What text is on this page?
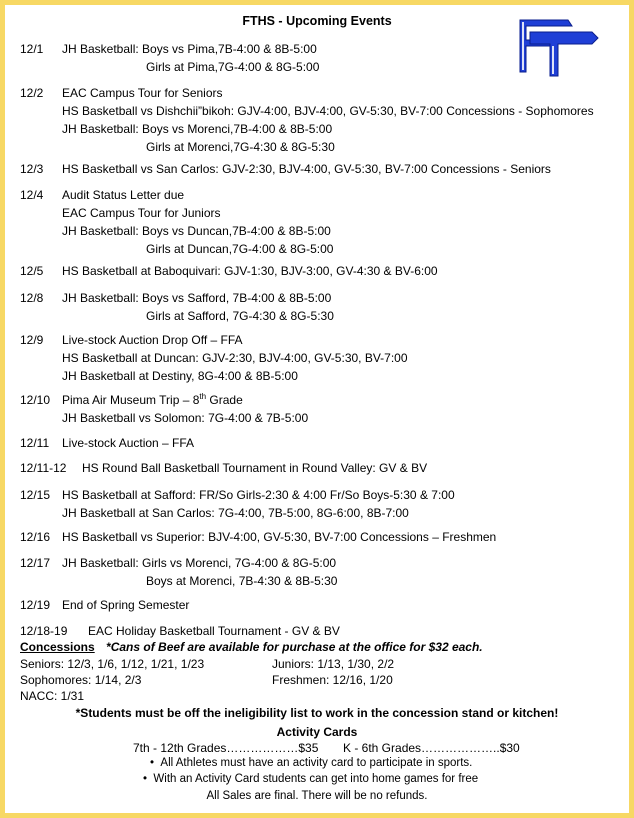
FTHS - Upcoming Events
12/1 JH Basketball: Boys vs Pima,7B-4:00 & 8B-5:00
Girls at Pima,7G-4:00 & 8G-5:00
12/2 EAC Campus Tour for Seniors
HS Basketball vs Dishchii”bikoh: GJV-4:00, BJV-4:00, GV-5:30, BV-7:00 Concessions - Sophomores
JH Basketball: Boys vs Morenci,7B-4:00 & 8B-5:00
Girls at Morenci,7G-4:30 & 8G-5:30
12/3 HS Basketball vs San Carlos: GJV-2:30, BJV-4:00, GV-5:30, BV-7:00 Concessions - Seniors
12/4 Audit Status Letter due
EAC Campus Tour for Juniors
JH Basketball: Boys vs Duncan,7B-4:00 & 8B-5:00
Girls at Duncan,7G-4:00 & 8G-5:00
12/5 HS Basketball at Baboquivari: GJV-1:30, BJV-3:00, GV-4:30 & BV-6:00
12/8 JH Basketball: Boys vs Safford, 7B-4:00 & 8B-5:00
Girls at Safford, 7G-4:30 & 8G-5:30
12/9 Live-stock Auction Drop Off – FFA
HS Basketball at Duncan: GJV-2:30, BJV-4:00, GV-5:30, BV-7:00
JH Basketball at Destiny, 8G-4:00 & 8B-5:00
12/10 Pima Air Museum Trip – 8th Grade
JH Basketball vs Solomon: 7G-4:00 & 7B-5:00
12/11 Live-stock Auction – FFA
12/11-12 HS Round Ball Basketball Tournament in Round Valley: GV & BV
12/15 HS Basketball at Safford: FR/So Girls-2:30 & 4:00 Fr/So Boys-5:30 & 7:00
JH Basketball at San Carlos: 7G-4:00, 7B-5:00, 8G-6:00, 8B-7:00
12/16 HS Basketball vs Superior: BJV-4:00, GV-5:30, BV-7:00 Concessions – Freshmen
12/17 JH Basketball: Girls vs Morenci, 7G-4:00 & 8G-5:00
Boys at Morenci, 7B-4:30 & 8B-5:30
12/19 End of Spring Semester
12/18-19 EAC Holiday Basketball Tournament - GV & BV
Concessions *Cans of Beef are available for purchase at the office for $32 each.
Seniors: 12/3, 1/6, 1/12, 1/21, 1/23	Juniors: 1/13, 1/30, 2/2
Sophomores: 1/14, 2/3	Freshmen: 12/16, 1/20
NACC: 1/31
*Students must be off the ineligibility list to work in the concession stand or kitchen!
Activity Cards
7th - 12th Grades………………$35 K - 6th Grades………………..$30
•  All Athletes must have an activity card to participate in sports.
•  With an Activity Card students can get into home games for free
All Sales are final. There will be no refunds.
